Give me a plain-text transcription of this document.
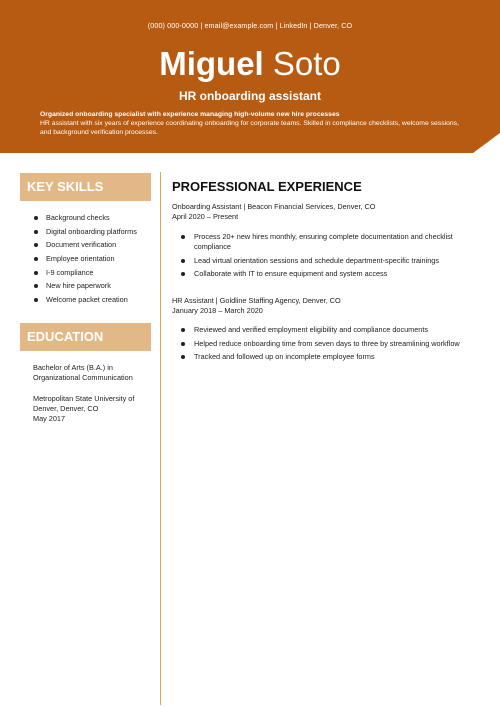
(000) 000-0000 | email@example.com | LinkedIn | Denver, CO
Miguel Soto
HR onboarding assistant
Organized onboarding specialist with experience managing high-volume new hire processes
HR assistant with six years of experience coordinating onboarding for corporate teams. Skilled in compliance checklists, welcome sessions, and background verification processes.
KEY SKILLS
Background checks
Digital onboarding platforms
Document verification
Employee orientation
I-9 compliance
New hire paperwork
Welcome packet creation
EDUCATION
Bachelor of Arts (B.A.) in Organizational Communication
Metropolitan State University of Denver, Denver, CO
May 2017
PROFESSIONAL EXPERIENCE
Onboarding Assistant | Beacon Financial Services, Denver, CO
April 2020 – Present
Process 20+ new hires monthly, ensuring complete documentation and checklist compliance
Lead virtual orientation sessions and schedule department-specific trainings
Collaborate with IT to ensure equipment and system access
HR Assistant | Goldline Staffing Agency, Denver, CO
January 2018 – March 2020
Reviewed and verified employment eligibility and compliance documents
Helped reduce onboarding time from seven days to three by streamlining workflow
Tracked and followed up on incomplete employee forms
